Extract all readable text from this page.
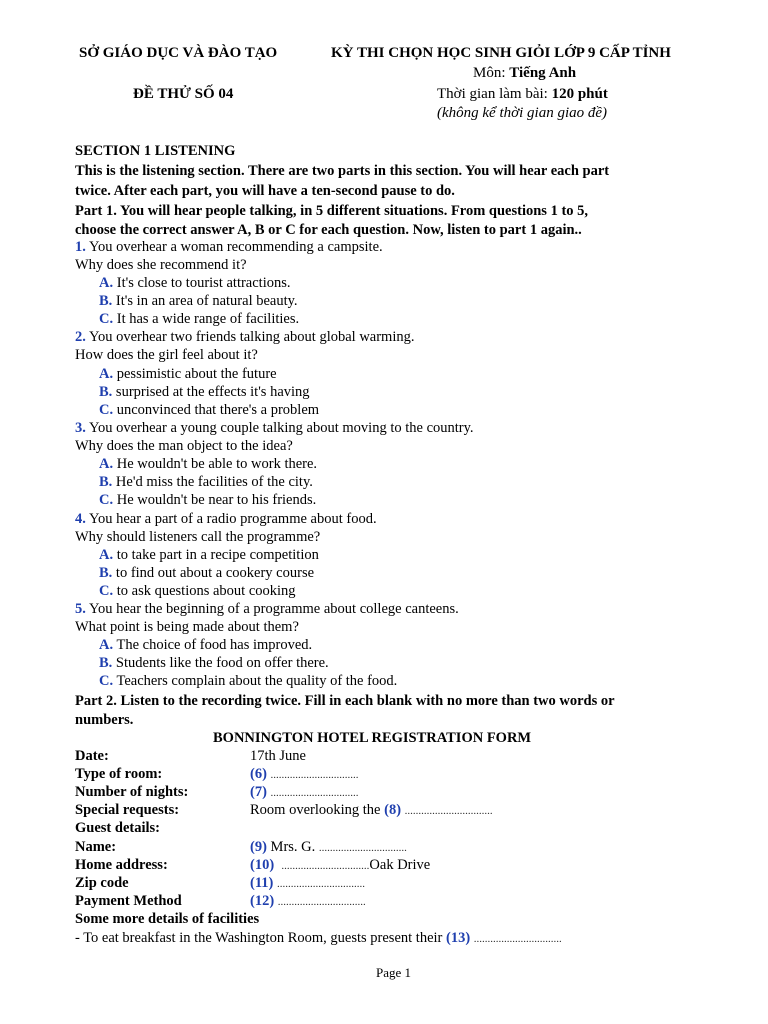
SỞ GIÁO DỤC VÀ ĐÀO TẠO	KỲ THI CHỌN HỌC SINH GIỎI LỚP 9 CẤP TỈNH
Môn: Tiếng Anh
ĐỀ THỬ SỐ 04	Thời gian làm bài: 120 phút
(không kể thời gian giao đề)
SECTION 1 LISTENING
This is the listening section. There are two parts in this section. You will hear each part
twice. After each part, you will have a ten-second pause to do.
Part 1. You will hear people talking, in 5 different situations. From questions 1 to 5,
choose the correct answer A, B or C for each question. Now, listen to part 1 again..
1. You overhear a woman recommending a campsite.
Why does she recommend it?
A. It's close to tourist attractions.
B. It's in an area of natural beauty.
C. It has a wide range of facilities.
2. You overhear two friends talking about global warming.
How does the girl feel about it?
A. pessimistic about the future
B. surprised at the effects it's having
C. unconvinced that there's a problem
3. You overhear a young couple talking about moving to the country.
Why does the man object to the idea?
A. He wouldn't be able to work there.
B. He'd miss the facilities of the city.
C. He wouldn't be near to his friends.
4. You hear a part of a radio programme about food.
Why should listeners call the programme?
A. to take part in a recipe competition
B. to find out about a cookery course
C. to ask questions about cooking
5. You hear the beginning of a programme about college canteens.
What point is being made about them?
A. The choice of food has improved.
B. Students like the food on offer there.
C. Teachers complain about the quality of the food.
Part 2. Listen to the recording twice. Fill in each blank with no more than two words or
numbers.
BONNINGTON HOTEL REGISTRATION FORM
Date:	17th June
Type of room:	(6) ................................
Number of nights:	(7) ................................
Special requests:	Room overlooking the (8) ................................
Guest details:
Name:	(9) Mrs. G. ................................
Home address:	(10) ................................Oak Drive
Zip code	(11) ................................
Payment Method	(12) ................................
Some more details of facilities
- To eat breakfast in the Washington Room, guests present their (13) ................................
Page 1
